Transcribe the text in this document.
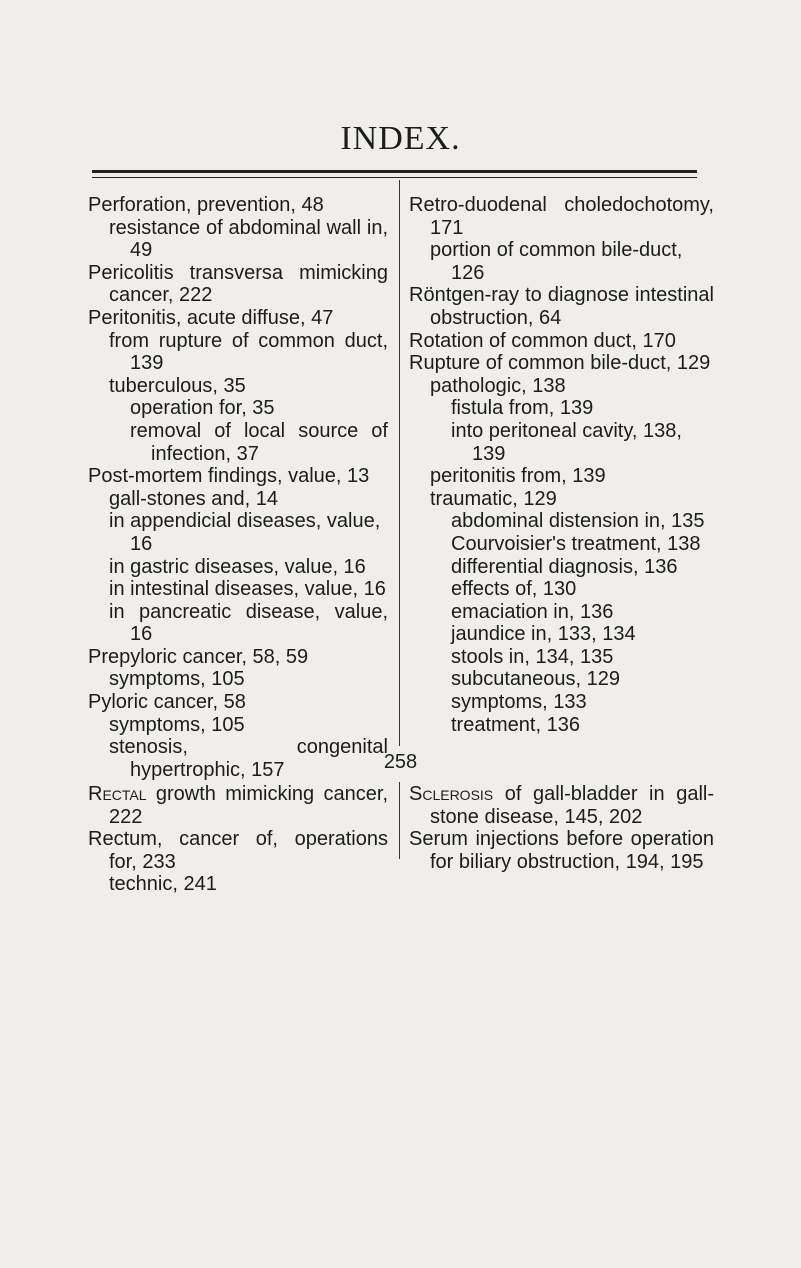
INDEX.
Perforation, prevention, 48
resistance of abdominal wall in, 49
Pericolitis transversa mimicking cancer, 222
Peritonitis, acute diffuse, 47
from rupture of common duct, 139
tuberculous, 35
operation for, 35
removal of local source of infection, 37
Post-mortem findings, value, 13
gall-stones and, 14
in appendicial diseases, value, 16
in gastric diseases, value, 16
in intestinal diseases, value, 16
in pancreatic disease, value, 16
Prepyloric cancer, 58, 59
symptoms, 105
Pyloric cancer, 58
symptoms, 105
stenosis, congenital hypertrophic, 157
Rectal growth mimicking cancer, 222
Rectum, cancer of, operations for, 233
technic, 241
Retro-duodenal choledochotomy, 171
portion of common bile-duct, 126
Röntgen-ray to diagnose intestinal obstruction, 64
Rotation of common duct, 170
Rupture of common bile-duct, 129
pathologic, 138
fistula from, 139
into peritoneal cavity, 138, 139
peritonitis from, 139
traumatic, 129
abdominal distension in, 135
Courvoisier's treatment, 138
differential diagnosis, 136
effects of, 130
emaciation in, 136
jaundice in, 133, 134
stools in, 134, 135
subcutaneous, 129
symptoms, 133
treatment, 136
Sclerosis of gall-bladder in gall-stone disease, 145, 202
Serum injections before operation for biliary obstruction, 194, 195
258
